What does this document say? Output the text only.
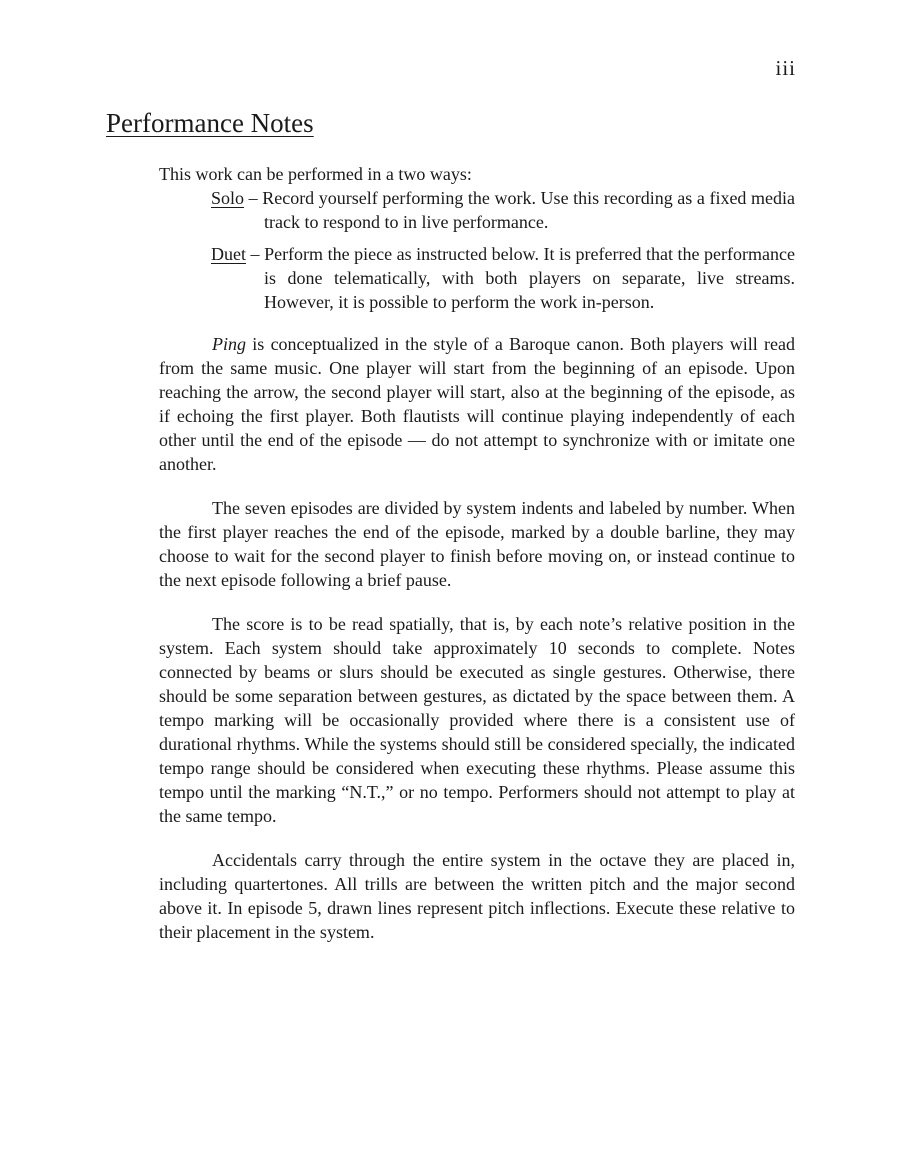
iii
Performance Notes

This work can be performed in a two ways:

Solo – Record yourself performing the work. Use this recording as a fixed media track to respond to in live performance.

Duet – Perform the piece as instructed below. It is preferred that the performance is done telematically, with both players on separate, live streams. However, it is possible to perform the work in-person.

Ping is conceptualized in the style of a Baroque canon. Both players will read from the same music. One player will start from the beginning of an episode. Upon reaching the arrow, the second player will start, also at the beginning of the episode, as if echoing the first player. Both flautists will continue playing independently of each other until the end of the episode — do not attempt to synchronize with or imitate one another.

The seven episodes are divided by system indents and labeled by number. When the first player reaches the end of the episode, marked by a double barline, they may choose to wait for the second player to finish before moving on, or instead continue to the next episode following a brief pause.

The score is to be read spatially, that is, by each note’s relative position in the system. Each system should take approximately 10 seconds to complete. Notes connected by beams or slurs should be executed as single gestures. Otherwise, there should be some separation between gestures, as dictated by the space between them. A tempo marking will be occasionally provided where there is a consistent use of durational rhythms. While the systems should still be considered specially, the indicated tempo range should be considered when executing these rhythms. Please assume this tempo until the marking “N.T.,” or no tempo. Performers should not attempt to play at the same tempo.

Accidentals carry through the entire system in the octave they are placed in, including quartertones. All trills are between the written pitch and the major second above it. In episode 5, drawn lines represent pitch inflections. Execute these relative to their placement in the system.
